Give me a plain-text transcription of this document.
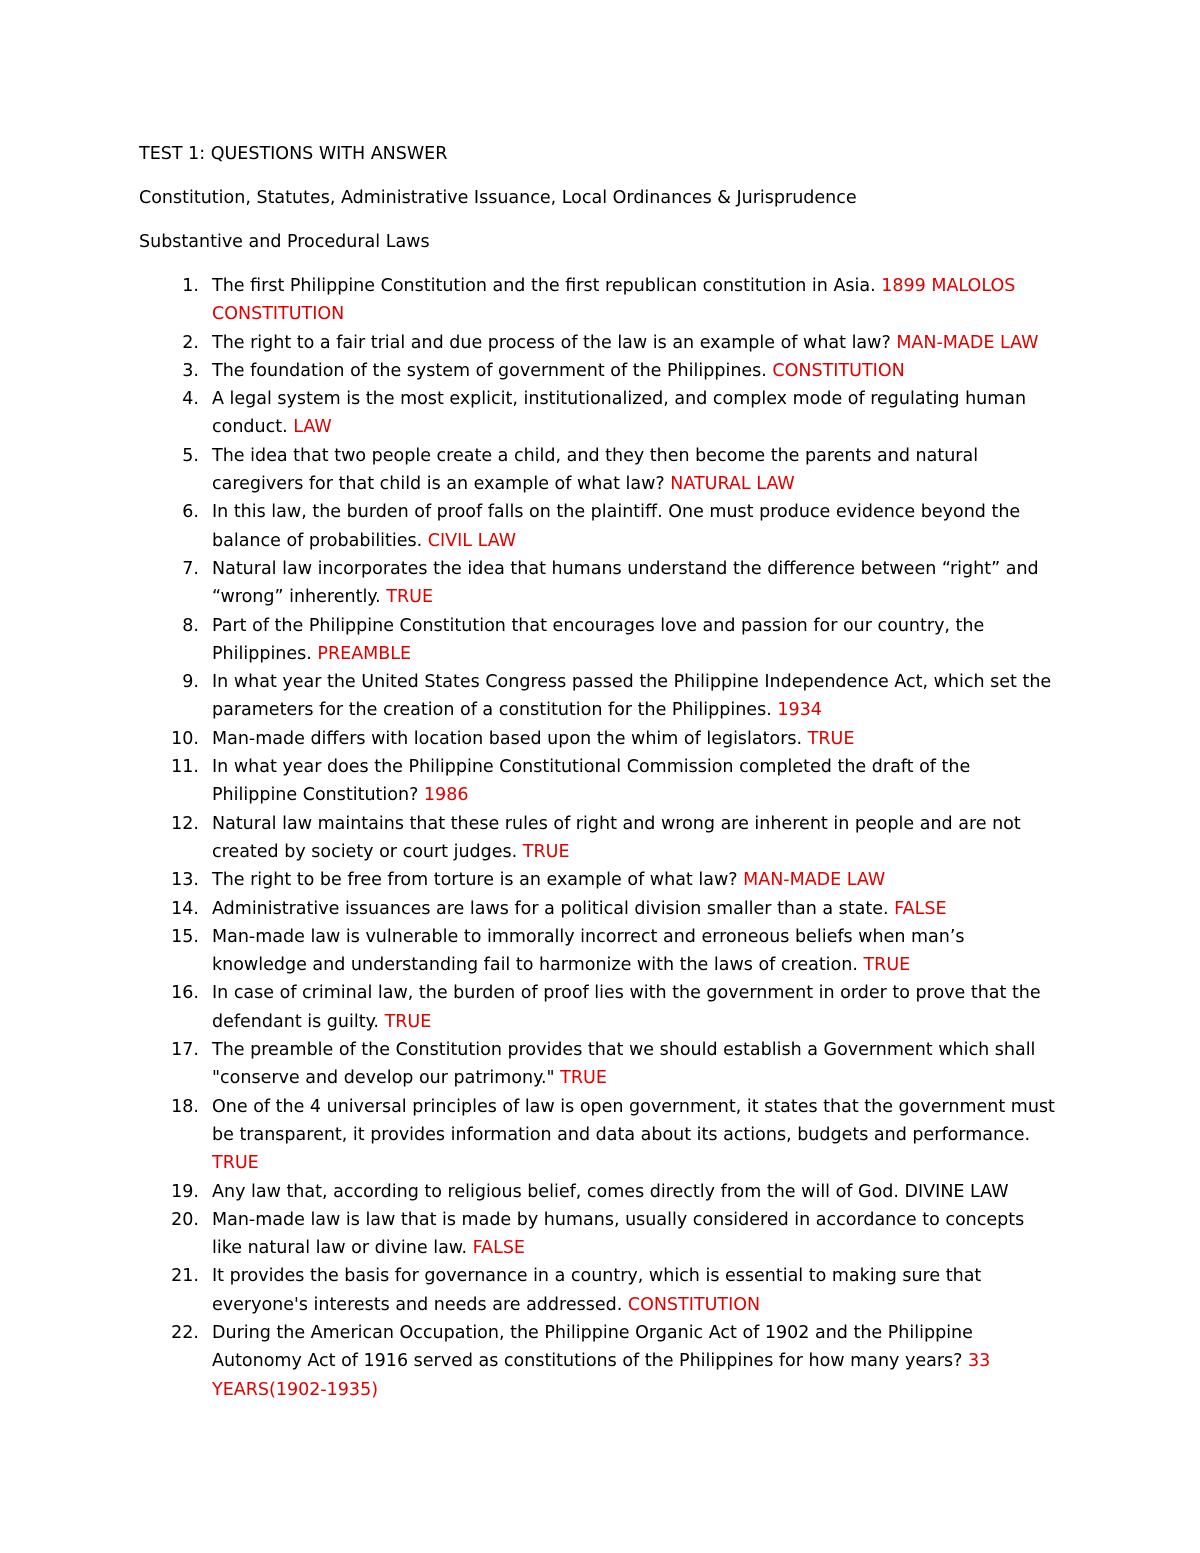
TEST 1: QUESTIONS WITH ANSWER

Constitution, Statutes, Administrative Issuance, Local Ordinances & Jurisprudence

Substantive and Procedural Laws

1. The first Philippine Constitution and the first republican constitution in Asia. 1899 MALOLOS CONSTITUTION
2. The right to a fair trial and due process of the law is an example of what law? MAN-MADE LAW
3. The foundation of the system of government of the Philippines. CONSTITUTION
4. A legal system is the most explicit, institutionalized, and complex mode of regulating human conduct. LAW
5. The idea that two people create a child, and they then become the parents and natural caregivers for that child is an example of what law? NATURAL LAW
6. In this law, the burden of proof falls on the plaintiff. One must produce evidence beyond the balance of probabilities. CIVIL LAW
7. Natural law incorporates the idea that humans understand the difference between “right” and “wrong” inherently. TRUE
8. Part of the Philippine Constitution that encourages love and passion for our country, the Philippines. PREAMBLE
9. In what year the United States Congress passed the Philippine Independence Act, which set the parameters for the creation of a constitution for the Philippines. 1934
10. Man-made differs with location based upon the whim of legislators. TRUE
11. In what year does the Philippine Constitutional Commission completed the draft of the Philippine Constitution? 1986
12. Natural law maintains that these rules of right and wrong are inherent in people and are not created by society or court judges. TRUE
13. The right to be free from torture is an example of what law? MAN-MADE LAW
14. Administrative issuances are laws for a political division smaller than a state. FALSE
15. Man-made law is vulnerable to immorally incorrect and erroneous beliefs when man’s knowledge and understanding fail to harmonize with the laws of creation. TRUE
16. In case of criminal law, the burden of proof lies with the government in order to prove that the defendant is guilty. TRUE
17. The preamble of the Constitution provides that we should establish a Government which shall "conserve and develop our patrimony." TRUE
18. One of the 4 universal principles of law is open government, it states that the government must be transparent, it provides information and data about its actions, budgets and performance. TRUE
19. Any law that, according to religious belief, comes directly from the will of God. DIVINE LAW
20. Man-made law is law that is made by humans, usually considered in accordance to concepts like natural law or divine law. FALSE
21. It provides the basis for governance in a country, which is essential to making sure that everyone's interests and needs are addressed. CONSTITUTION
22. During the American Occupation, the Philippine Organic Act of 1902 and the Philippine Autonomy Act of 1916 served as constitutions of the Philippines for how many years? 33 YEARS(1902-1935)
